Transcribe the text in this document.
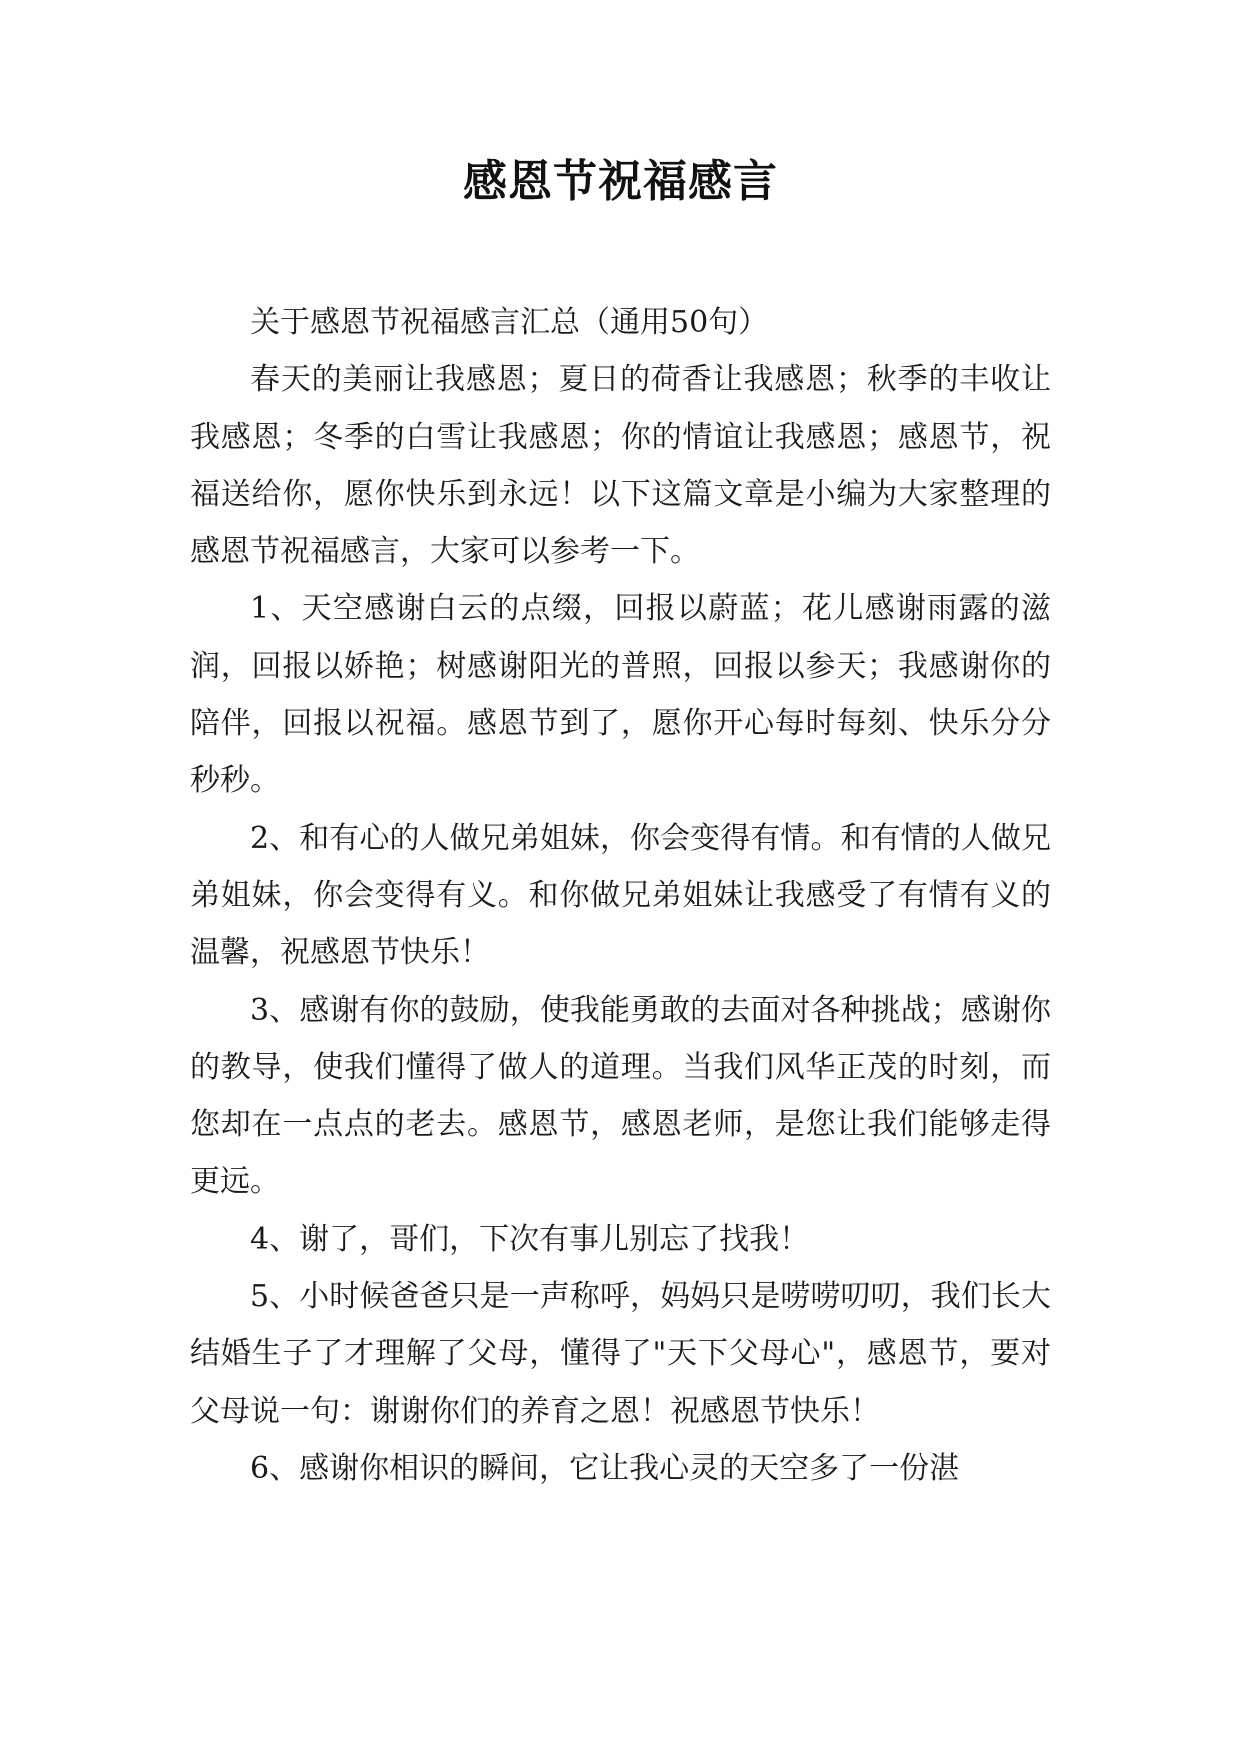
感恩节祝福感言

关于感恩节祝福感言汇总（通用50句）

春天的美丽让我感恩；夏日的荷香让我感恩；秋季的丰收让我感恩；冬季的白雪让我感恩；你的情谊让我感恩；感恩节，祝福送给你，愿你快乐到永远！以下这篇文章是小编为大家整理的感恩节祝福感言，大家可以参考一下。

1、天空感谢白云的点缀，回报以蔚蓝；花儿感谢雨露的滋润，回报以娇艳；树感谢阳光的普照，回报以参天；我感谢你的陪伴，回报以祝福。感恩节到了，愿你开心每时每刻、快乐分分秒秒。

2、和有心的人做兄弟姐妹，你会变得有情。和有情的人做兄弟姐妹，你会变得有义。和你做兄弟姐妹让我感受了有情有义的温馨，祝感恩节快乐！

3、感谢有你的鼓励，使我能勇敢的去面对各种挑战；感谢你的教导，使我们懂得了做人的道理。当我们风华正茂的时刻，而您却在一点点的老去。感恩节，感恩老师，是您让我们能够走得更远。

4、谢了，哥们，下次有事儿别忘了找我！

5、小时候爸爸只是一声称呼，妈妈只是唠唠叨叨，我们长大结婚生子了才理解了父母，懂得了"天下父母心"，感恩节，要对父母说一句：谢谢你们的养育之恩！祝感恩节快乐！

6、感谢你相识的瞬间，它让我心灵的天空多了一份湛
